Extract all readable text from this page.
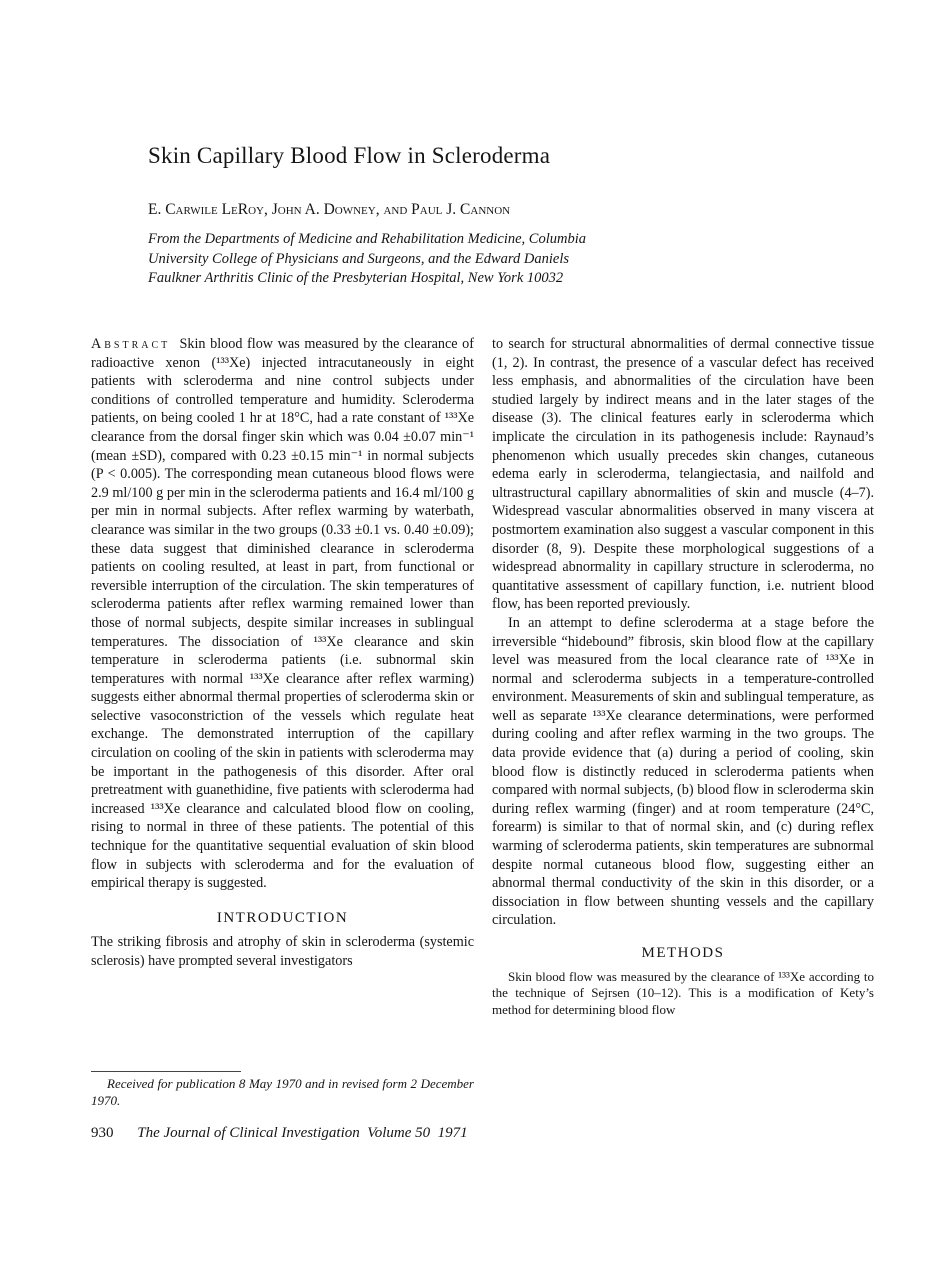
Skin Capillary Blood Flow in Scleroderma
E. Carwile LeRoy, John A. Downey, and Paul J. Cannon
From the Departments of Medicine and Rehabilitation Medicine, Columbia
University College of Physicians and Surgeons, and the Edward Daniels
Faulkner Arthritis Clinic of the Presbyterian Hospital, New York 10032

Abstract Skin blood flow was measured by the clearance of radioactive xenon (¹³³Xe) injected intracutaneously in eight patients with scleroderma and nine control subjects under conditions of controlled temperature and humidity. Scleroderma patients, on being cooled 1 hr at 18°C, had a rate constant of ¹³³Xe clearance from the dorsal finger skin which was 0.04 ±0.07 min⁻¹ (mean ±SD), compared with 0.23 ±0.15 min⁻¹ in normal subjects (P < 0.005). The corresponding mean cutaneous blood flows were 2.9 ml/100 g per min in the scleroderma patients and 16.4 ml/100 g per min in normal subjects. After reflex warming by waterbath, clearance was similar in the two groups (0.33 ±0.1 vs. 0.40 ±0.09); these data suggest that diminished clearance in scleroderma patients on cooling resulted, at least in part, from functional or reversible interruption of the circulation. The skin temperatures of scleroderma patients after reflex warming remained lower than those of normal subjects, despite similar increases in sublingual temperatures. The dissociation of ¹³³Xe clearance and skin temperature in scleroderma patients (i.e. subnormal skin temperatures with normal ¹³³Xe clearance after reflex warming) suggests either abnormal thermal properties of scleroderma skin or selective vasoconstriction of the vessels which regulate heat exchange. The demonstrated interruption of the capillary circulation on cooling of the skin in patients with scleroderma may be important in the pathogenesis of this disorder. After oral pretreatment with guanethidine, five patients with scleroderma had increased ¹³³Xe clearance and calculated blood flow on cooling, rising to normal in three of these patients. The potential of this technique for the quantitative sequential evaluation of skin blood flow in subjects with scleroderma and for the evaluation of empirical therapy is suggested.

INTRODUCTION

The striking fibrosis and atrophy of skin in scleroderma (systemic sclerosis) have prompted several investigators

to search for structural abnormalities of dermal connective tissue (1, 2). In contrast, the presence of a vascular defect has received less emphasis, and abnormalities of the circulation have been studied largely by indirect means and in the later stages of the disease (3). The clinical features early in scleroderma which implicate the circulation in its pathogenesis include: Raynaud’s phenomenon which usually precedes skin changes, cutaneous edema early in scleroderma, telangiectasia, and nailfold and ultrastructural capillary abnormalities of skin and muscle (4–7). Widespread vascular abnormalities observed in many viscera at postmortem examination also suggest a vascular component in this disorder (8, 9). Despite these morphological suggestions of a widespread abnormality in capillary structure in scleroderma, no quantitative assessment of capillary function, i.e. nutrient blood flow, has been reported previously.

In an attempt to define scleroderma at a stage before the irreversible “hidebound” fibrosis, skin blood flow at the capillary level was measured from the local clearance rate of ¹³³Xe in normal and scleroderma subjects in a temperature-controlled environment. Measurements of skin and sublingual temperature, as well as separate ¹³³Xe clearance determinations, were performed during cooling and after reflex warming in the two groups. The data provide evidence that (a) during a period of cooling, skin blood flow is distinctly reduced in scleroderma patients when compared with normal subjects, (b) blood flow in scleroderma skin during reflex warming (finger) and at room temperature (24°C, forearm) is similar to that of normal skin, and (c) during reflex warming of scleroderma patients, skin temperatures are subnormal despite normal cutaneous blood flow, suggesting either an abnormal thermal conductivity of the skin in this disorder, or a dissociation in flow between shunting vessels and the capillary circulation.

METHODS

Skin blood flow was measured by the clearance of ¹³³Xe according to the technique of Sejrsen (10–12). This is a modification of Kety’s method for determining blood flow

Received for publication 8 May 1970 and in revised form 2 December 1970.
930 The Journal of Clinical Investigation  Volume 50  1971
